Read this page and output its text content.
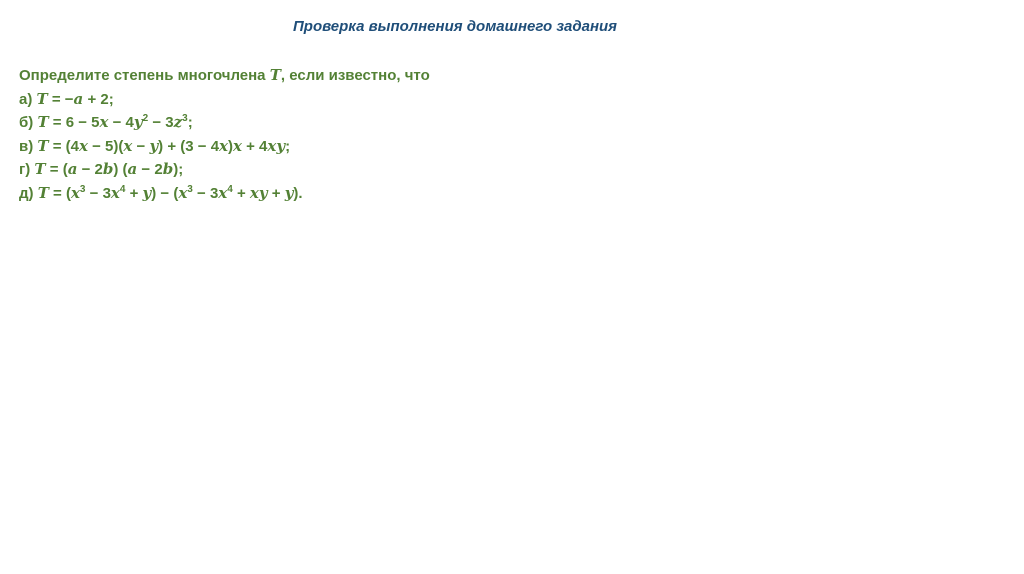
Проверка выполнения домашнего задания
Определите степень многочлена T, если известно, что
а) T = −a + 2;
б) $T = 6 - 5x - 4y^2 - 3z^3$;
в) T = (4x − 5)(x − y) + (3 − 4x)x + 4xy;
г) T = (a − 2b) (a − 2b);
д) $T = (x^3 - 3x^4 + y) - (x^3 - 3x^4$ + xy + y).
